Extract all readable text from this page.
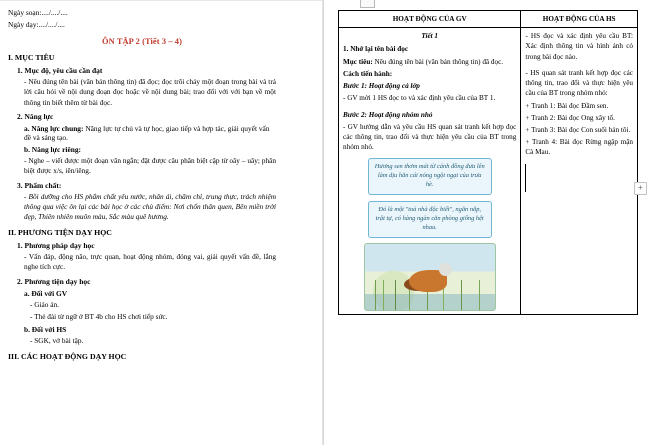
Ngày soạn:..../..../....
Ngày dạy:..../..../....
ÔN TẬP 2 (Tiết 3 – 4)
I. MỤC TIÊU
1. Mục độ, yêu cầu cần đạt
- Nêu đúng tên bài (văn bản thông tin) đã đọc; đọc trôi chảy một đoạn trong bài và trả lời câu hỏi về nội dung đoạn đọc hoặc về nội dung bài; trao đổi với với bạn về một thông tin biết thêm từ bài đọc.
2. Năng lực
a. Năng lực chung: Năng lực tự chủ và tự học, giao tiếp và hợp tác, giải quyết vấn đề và sáng tạo.
b. Năng lực riêng:
- Nghe – viết được một đoạn văn ngắn; đặt được câu phân biệt cặp từ oây – uây; phân biệt được x/s, iên/iêng.
3. Phẩm chất:
- Bồi dưỡng cho HS phẩm chất yêu nước, nhân ái, chăm chỉ, trung thực, trách nhiệm thông qua việc ôn lại các bài học ở các chủ điểm: Nơi chốn thân quen, Bên miền trời đẹp, Thiên nhiên muôn màu, Sắc màu quê hương.
II. PHƯƠNG TIỆN DẠY HỌC
1. Phương pháp dạy học
- Vấn đáp, động não, trực quan, hoạt động nhóm, đóng vai, giải quyết vấn đề, lắng nghe tích cực.
2. Phương tiện dạy học
a. Đối với GV
- Giáo án.
- Thẻ đài từ ngữ ở BT 4b cho HS chơi tiếp sức.
b. Đối với HS
- SGK, vở bài tập.
III. CÁC HOẠT ĐỘNG DẠY HỌC
HOẠT ĐỘNG CỦA GV	HOẠT ĐỘNG CỦA HS

Tiết 1
1. Nhớ lại tên bài đọc
Mục tiêu: Nêu đúng tên bài (văn bản thông tin) đã đọc.
Cách tiến hành:
Bước 1: Hoạt động cả lớp
- GV mời 1 HS đọc to và xác định yêu cầu của BT 1.
Bước 2: Hoạt động nhóm nhỏ
- GV hướng dẫn và yêu cầu HS quan sát tranh kết hợp đọc các thông tin, trao đổi và thực hiện yêu cầu của BT trong nhóm nhỏ.
Hương sen thơm mát từ cánh đồng đưa lên làm dịu hẳn cái nóng ngột ngạt của trưa hè.
Đó là một "toà nhà độc biết", ngăn nắp, trật tự, có hàng ngàn căn phòng giống hệt nhau.

- HS đọc và xác định yêu cầu BT: Xác định thông tin và hình ảnh có trong bài đọc nào.
- HS quan sát tranh kết hợp đọc các thông tin, trao đổi và thực hiện yêu cầu của BT trong nhóm nhỏ:
+ Tranh 1: Bài đọc Đầm sen.
+ Tranh 2: Bài đọc Ong xây tổ.
+ Tranh 3: Bài đọc Con suối bản tôi.
+ Tranh 4: Bài đọc Rừng ngập mặn Cà Mau.
+
